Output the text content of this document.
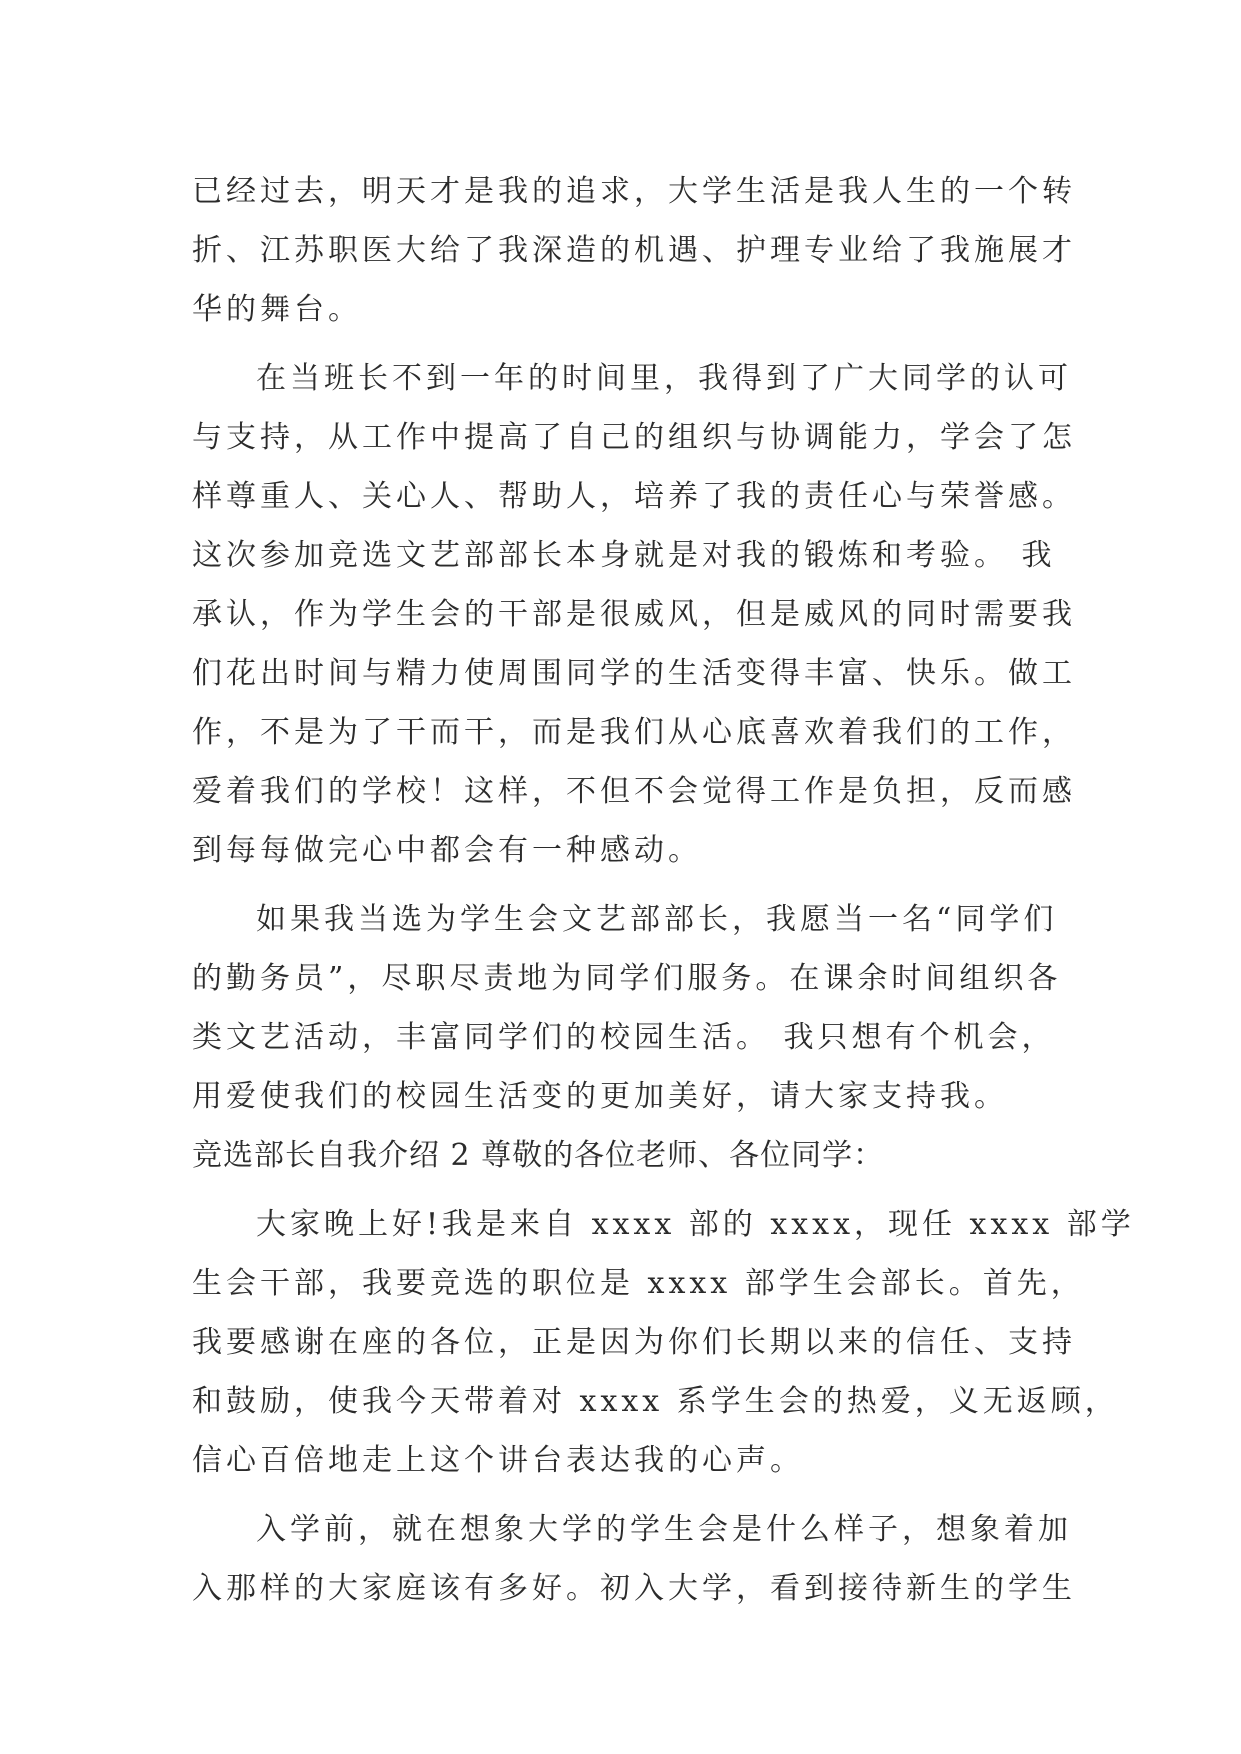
已经过去，明天才是我的追求，大学生活是我人生的一个转
折、江苏职医大给了我深造的机遇、护理专业给了我施展才
华的舞台。
在当班长不到一年的时间里，我得到了广大同学的认可
与支持，从工作中提高了自己的组织与协调能力，学会了怎
样尊重人、关心人、帮助人，培养了我的责任心与荣誉感。
这次参加竞选文艺部部长本身就是对我的锻炼和考验。 我
承认，作为学生会的干部是很威风，但是威风的同时需要我
们花出时间与精力使周围同学的生活变得丰富、快乐。做工
作，不是为了干而干，而是我们从心底喜欢着我们的工作，
爱着我们的学校！这样，不但不会觉得工作是负担，反而感
到每每做完心中都会有一种感动。
如果我当选为学生会文艺部部长，我愿当一名“同学们
的勤务员”，尽职尽责地为同学们服务。在课余时间组织各
类文艺活动，丰富同学们的校园生活。 我只想有个机会，
用爱使我们的校园生活变的更加美好，请大家支持我。
竞选部长自我介绍 2 尊敬的各位老师、各位同学：
大家晚上好!我是来自 xxxx 部的 xxxx，现任 xxxx 部学
生会干部，我要竞选的职位是 xxxx 部学生会部长。首先，
我要感谢在座的各位，正是因为你们长期以来的信任、支持
和鼓励，使我今天带着对 xxxx 系学生会的热爱，义无返顾，
信心百倍地走上这个讲台表达我的心声。
入学前，就在想象大学的学生会是什么样子，想象着加
入那样的大家庭该有多好。初入大学，看到接待新生的学生
